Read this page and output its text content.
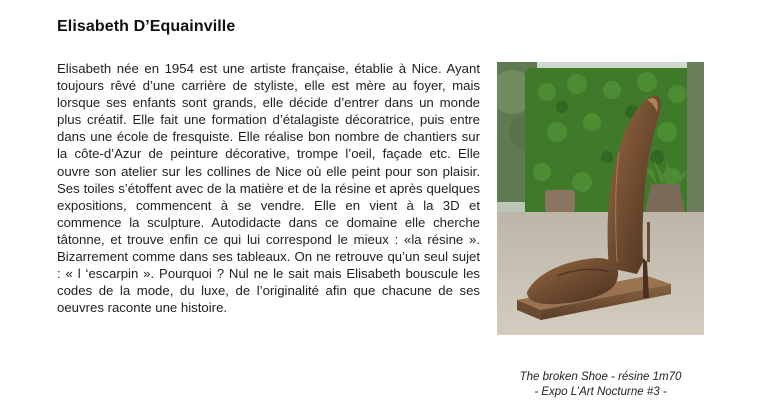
Elisabeth D’Equainville

Elisabeth née en 1954 est une artiste française, établie à Nice. Ayant toujours rêvé d’une carrière de styliste, elle est mère au foyer, mais lorsque ses enfants sont grands, elle décide d’entrer dans un monde plus créatif. Elle fait une formation d’étalagiste décoratrice, puis entre dans une école de fresquiste. Elle réalise bon nombre de chantiers sur la côte-d’Azur de peinture décorative, trompe l’oeil, façade etc. Elle ouvre son atelier sur les collines de Nice où elle peint pour son plaisir. Ses toiles s’étoffent avec de la matière et de la résine et après quelques expositions, commencent à se vendre. Elle en vient à la 3D et commence la sculpture. Autodidacte dans ce domaine elle cherche tâtonne, et trouve enfin ce qui lui correspond le mieux : «la résine ». Bizarrement comme dans ses tableaux. On ne retrouve qu’un seul sujet : « l ‘escarpin ». Pourquoi ? Nul ne le sait mais Elisabeth bouscule les codes de la mode, du luxe, de l’originalité afin que chacune de ses oeuvres raconte une histoire.

The broken Shoe - résine 1m70
- Expo L’Art Nocturne #3 -
